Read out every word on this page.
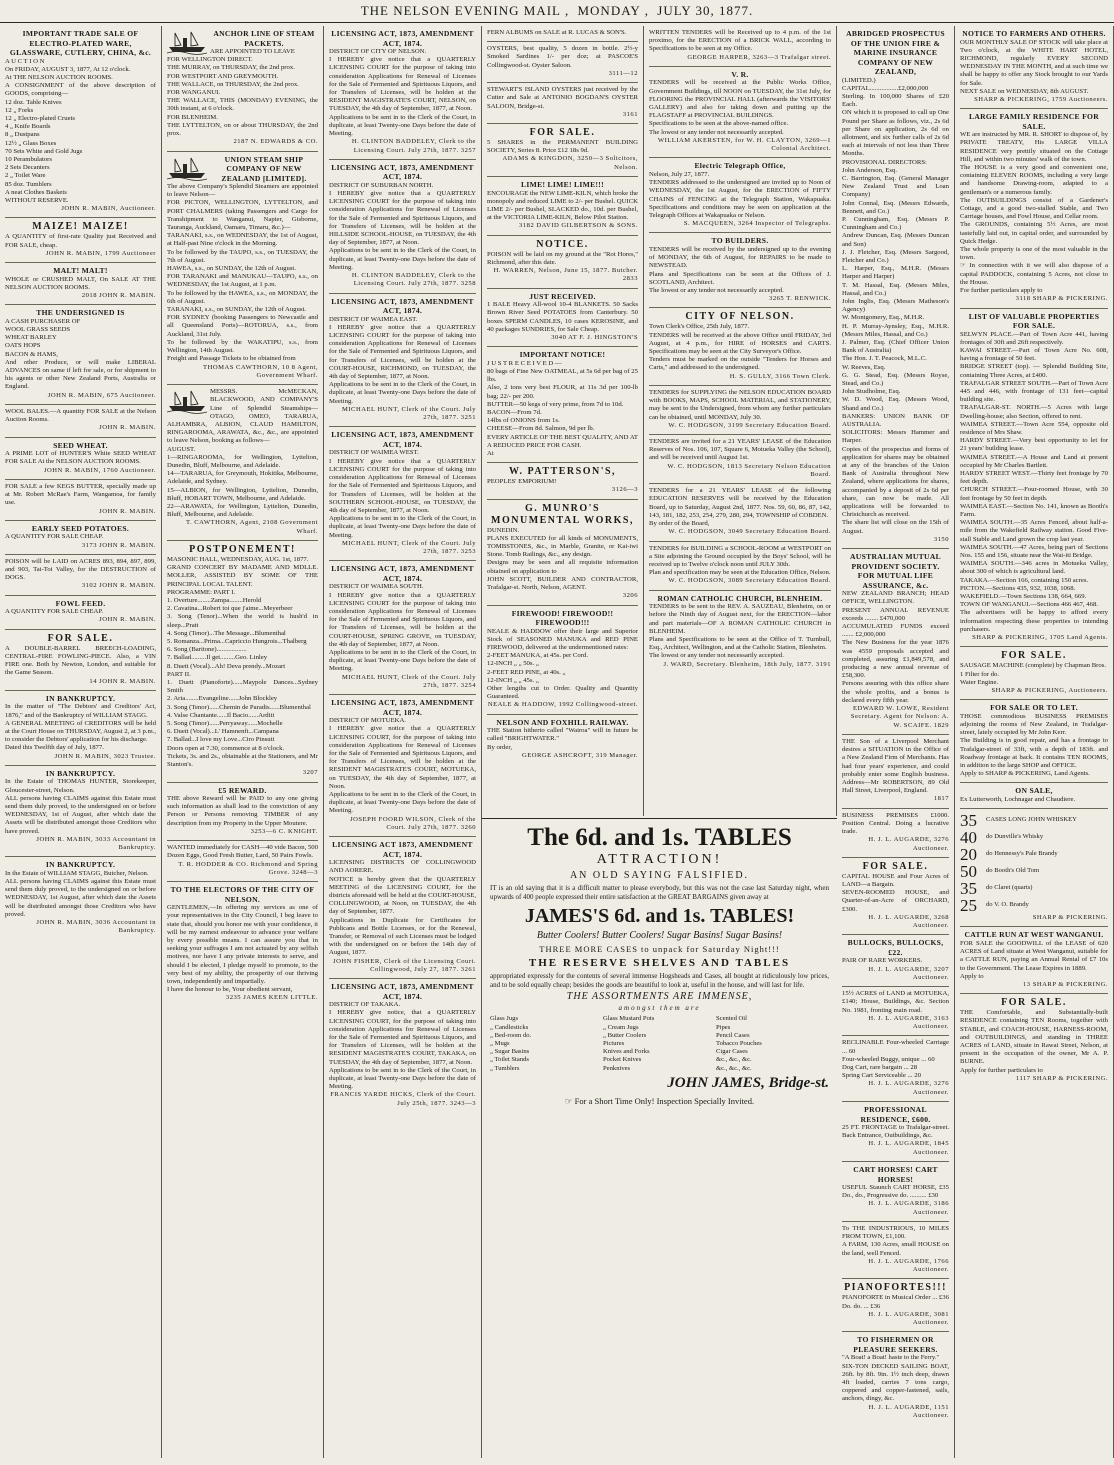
THE NELSON EVENING MAIL , MONDAY , JULY 30, 1877.
IMPORTANT TRADE SALE OF ELECTRO-PLATED WARE, GLASSWARE, CUTLERY, CHINA, &c.
A U C T I O N
On FRIDAY, AUGUST 3, 1877, At 12 o'clock.
At THE NELSON AUCTION ROOMS.
A CONSIGNMENT of the above description of GOODS, comprising—
12 doz. Table Knives
12 „ Forks
12 „ Electro-plated Cruets
4 „ Knife Boards
8 „ Dustpans
12½ „ Glass Boxes
70 Sets White and Gold Jugs
10 Perambulators
2 Sets Decanters
2 „ Toilet Ware
85 doz. Tumblers
A neat Clothes Baskets
WITHOUT RESERVE.
JOHN R. MABIN, Auctioneer.
MAIZE! MAIZE!
A QUANTITY of first-rate Quality just Received and FOR SALE, cheap.
JOHN R. MABIN, 1799 Auctioneer
MALT! MALT!
WHOLE or CRUSHED MALT, On SALE AT THE NELSON AUCTION ROOMS.
2018 JOHN R. MABIN.
THE UNDERSIGNED IS
A CASH PURCHASER OF
WOOL GRASS SEEDS
WHEAT BARLEY
OATS HOPS
BACON & HAMS,
And other Produce, or will make LIBERAL ADVANCES on same if left for sale, or for shipment to his agents or other New Zealand Ports, Australia or England.
JOHN R. MABIN, 675 Auctioneer.
WOOL BALES.—A quantity FOR SALE at the Nelson Auction Rooms.
JOHN R. MABIN.
SEED WHEAT.
A PRIME LOT of HUNTER'S White SEED WHEAT FOR SALE At the NELSON AUCTION ROOMS.
JOHN R. MABIN, 1760 Auctioneer.
FOR SALE a few KEGS BUTTER, specially made up at Mr. Robert McRae's Farm, Wangamoa, for family use.
JOHN R. MABIN.
EARLY SEED POTATOES.
A QUANTITY FOR SALE CHEAP.
3173 JOHN R. MABIN.
POISON will be LAID on ACRES 893, 894, 897, 899, and 903, Tai-Toi Valley, for the DESTRUCTION of DOGS.
3102 JOHN R. MABIN.
FOWL FEED.
A QUANTITY FOR SALE CHEAP.
JOHN R. MABIN.
FOR SALE.
A DOUBLE-BARREL BREECH-LOADING, CENTRAL-FIRE FOWLING-PIECE. Also, a VIN FIRE one. Both by Newton, London, and suitable for the Game Season.
14 JOHN R. MABIN.
IN BANKRUPTCY.
In the matter of "The Debtors' and Creditors' Act, 1876," and of the Bankruptcy of WILLIAM STAGG.
A GENERAL MEETING of CREDITORS will be held at the Court House on THURSDAY, August 2, at 3 p.m., to consider the Debtors' application for his discharge.
Dated this Twelfth day of July, 1877.
JOHN R. MABIN, 3023 Trustee.
IN BANKRUPTCY.
In the Estate of THOMAS HUNTER, Storekeeper, Gloucester-street, Nelson.
ALL persons having CLAIMS against this Estate must send them duly proved, to the undersigned on or before WEDNESDAY, 1st of August, after which date the Assets will be distributed amongst those Creditors who have proved.
JOHN R. MABIN, 3033 Accountant in Bankruptcy.
IN BANKRUPTCY.
In the Estate of WILLIAM STAGG, Butcher, Nelson.
ALL persons having CLAIMS against this Estate must send them duly proved, to the undersigned on or before WEDNESDAY, 1st August, after which date the Assets will be distributed amongst those Creditors who have proved.
JOHN R. MABIN, 3036 Accountant in Bankruptcy.
ANCHOR LINE OF STEAM PACKETS.
ARE APPOINTED TO LEAVE
FOR WELLINGTON DIRECT.
THE MURRAY, on THURSDAY, the 2nd prox.
FOR WESTPORT AND GREYMOUTH.
THE WALLACE, on THURSDAY, the 2nd prox.
FOR WANGANUI.
THE WALLACE, THIS (MONDAY) EVENING, the 30th instant, at 6 o'clock.
FOR BLENHEIM.
THE LYTTELTON, on or about THURSDAY, the 2nd prox.
2187 N. EDWARDS & CO.
UNION STEAM SHIP COMPANY OF NEW ZEALAND [LIMITED].
The above Company's Splendid Steamers are appointed to leave Nelson—
FOR PICTON, WELLINGTON, LYTTELTON, and PORT CHALMERS (taking Passengers and Cargo for Transhipment to Wanganui, Napier, Gisborne, Tauranga, Auckland, Oamaru, Timaru, &c.)—
TARANAKI, s.s., on WEDNESDAY, the 1st of August, at Half-past Nine o'clock in the Morning.
To be followed by the TAUPO, s.s., on TUESDAY, the 7th of August.
HAWEA, s.s., on SUNDAY, the 12th of August.
FOR TARANAKI and MANUKAU—TAUPO, s.s., on WEDNESDAY, the 1st August, at 1 p.m.
To be followed by the HAWEA, s.s., on MONDAY, the 6th of August.
TARANAKI, s.s., on SUNDAY, the 12th of August.
FOR SYDNEY (booking Passengers to Newcastle and all Queensland Ports)—ROTORUA, s.s., from Auckland, 31st July.
To be followed by the WAKATIPU, s.s., from Wellington, 14th August.
Freight and Passage Tickets to be obtained from
THOMAS CAWTHORN, 10 8 Agent, Government Wharf.
MESSRS. McMECKAN, BLACKWOOD, AND COMPANY'S Line of Splendid Steamships—OTAGO, OMEO, TARARUA, ALHAMBRA, ALBION, CLAUD HAMILTON, RINGAROOMA, ARAWATA, &c., &c., are appointed to leave Nelson, booking as follows—
AUGUST.
1—RINGAROOMA, for Wellington, Lyttelton, Dunedin, Bluff, Melbourne, and Adelaide.
14—TARARUA, for Greymouth, Hokitika, Melbourne, Adelaide, and Sydney.
15—ALBION, for Wellington, Lyttelton, Dunedin, Bluff, HOBART TOWN, Melbourne, and Adelaide.
22—ARAWATA, for Wellington, Lyttelton, Dunedin, Bluff, Melbourne, and Adelaide.
T. CAWTHORN, Agent, 2108 Government Wharf.
POSTPONEMENT!
MASONIC HALL, WEDNESDAY, AUG. 1st, 1877.
GRAND CONCERT BY MADAME AND MDLLE. MOLLER, ASSISTED BY SOME OF THE PRINCIPAL LOCAL TALENT.
PROGRAMME: PART I.
1. Overture........Zampa........Herold
2. Cavatina...Robert toi que j'aime...Meyerbeer
3. Song (Tenor)...When the world is hush'd in sleep...Pratt
4. Song (Tenor)...The Message...Blumenthal
5. Romanza...Prima...Capriccio Hungrois...Thalberg
6. Song (Baritone)..................
7. Ballad.........Il get.........Geo. Linley
8. Duett (Vocal)...Ah! Deva prendy...Mozart
PART II.
1. Duett (Pianoforte)......Maypole Dances...Sydney Smith
2. Aria........Evangeline......John Blockley
3. Song (Tenor)......Chemin de Paradis......Blumenthal
4. Valse Chantante......Il Bacio......Arditi
5. Song (Tenor)......Perryaway......Mochelle
6. Duett (Vocal)...L' Hamnenft...Campana
7. Ballad...I love my Love...Ciro Pinsuti
Doors open at 7.30, commence at 8 o'clock.
Tickets, 3s. and 2s., obtainable at the Stationers, and Mr Stanton's.
3207
£5 REWARD.
THE above Reward will be PAID to any one giving such information as shall lead to the conviction of any Person or Persons removing TIMBER of any description from my Property in the Upper Moutere.
3253—6 C. KNIGHT.
WANTED immediately for CASH—40 vide Bacon, 500 Dozen Eggs, Good Fresh Butter, Lard, 50 Pairs Fowls.
T. R. HODDER & CO. Richmond and Spring Grove. 3248—3
TO THE ELECTORS OF THE CITY OF NELSON.
GENTLEMEN,—In offering my services as one of your representatives in the City Council, I beg leave to state that, should you honor me with your confidence, it will be my earnest endeavour to advance your welfare by every possible means. I can assure you that in seeking your suffrages I am not actuated by any selfish motives, nor have I any private interests to serve, and should I be elected, I pledge myself to promote, to the very best of my ability, the prosperity of our thriving town, independently and impartially.
I have the honour to be, Your obedient servant,
3235 JAMES KEEN LITTLE.
LICENSING ACT, 1873, AMENDMENT ACT, 1874.
DISTRICT OF CITY OF NELSON.
I HEREBY give notice that a QUARTERLY LICENSING COURT for the purpose of taking into consideration Applications for Renewal of Licenses for the Sale of Fermented and Spirituous Liquors, and for Transfers of Licenses, will be holden at the RESIDENT MAGISTRATE'S COURT, NELSON, on TUESDAY, the 4th day of September, 1877, at Noon.
Applications to be sent in to the Clerk of the Court, in duplicate, at least Twenty-one Days before the date of Meeting.
H. CLINTON BADDELEY, Clerk to the Licensing Court. July 27th, 1877. 3257
LICENSING ACT, 1873, AMENDMENT ACT, 1874.
DISTRICT OF SUBURBAN NORTH.
I HEREBY give notice that a QUARTERLY LICENSING COURT for the purpose of taking into consideration Applications for Renewal of Licenses for the Sale of Fermented and Spirituous Liquors, and for Transfers of Licenses, will be holden at the HILLSIDE SCHOOL-HOUSE, on TUESDAY, the 4th day of September, 1877, at Noon.
Applications to be sent in to the Clerk of the Court, in duplicate, at least Twenty-one Days before the date of Meeting.
H. CLINTON BADDELEY, Clerk to the Licensing Court. July 27th, 1877. 3258
LICENSING ACT, 1873, AMENDMENT ACT, 1874.
DISTRICT OF WAIMEA EAST.
I HEREBY give notice that a QUARTERLY LICENSING COURT for the purpose of taking into consideration Applications for Renewal of Licenses for the Sale of Fermented and Spirituous Liquors, and for Transfers of Licenses, will be holden at the COURT-HOUSE, RICHMOND, on TUESDAY, the 4th day of September, 1877, at Noon.
Applications to be sent in to the Clerk of the Court, in duplicate, at least Twenty-one Days before the date of Meeting.
MICHAEL HUNT, Clerk of the Court. July 27th, 1877. 3251
LICENSING ACT, 1873, AMENDMENT ACT, 1874.
DISTRICT OF WAIMEA WEST.
I HEREBY give notice that a QUARTERLY LICENSING COURT for the purpose of taking into consideration Applications for Renewal of Licenses for the Sale of Fermented and Spirituous Liquors, and for Transfers of Licenses, will be holden at the SOUTHERN SCHOOL-HOUSE, on TUESDAY, the 4th day of September, 1877, at Noon.
Applications to be sent in to the Clerk of the Court, in duplicate, at least Twenty-one Days before the date of Meeting.
MICHAEL HUNT, Clerk of the Court. July 27th, 1877. 3253
LICENSING ACT, 1873, AMENDMENT ACT, 1874.
DISTRICT OF WAIMEA SOUTH.
I HEREBY give notice that a QUARTERLY LICENSING COURT for the purpose of taking into consideration Applications for Renewal of Licenses for the Sale of Fermented and Spirituous Liquors, and for Transfers of Licenses, will be holden at the COURT-HOUSE, SPRING GROVE, on TUESDAY, the 4th day of September, 1877, at Noon.
Applications to be sent in to the Clerk of the Court, in duplicate, at least Twenty-one Days before the date of Meeting.
MICHAEL HUNT, Clerk of the Court. July 27th, 1877. 3254
LICENSING ACT, 1873, AMENDMENT ACT, 1874.
DISTRICT OF MOTUEKA.
I HEREBY give notice that a QUARTERLY LICENSING COURT, for the purpose of taking into consideration Applications for Renewal of Licenses for the Sale of Fermented and Spirituous Liquors, and for Transfers of Licenses, will be holden at the RESIDENT MAGISTRATE'S COURT, MOTUEKA, on TUESDAY, the 4th day of September, 1877, at Noon.
Applications to be sent in to the Clerk of the Court, in duplicate, at least Twenty-one Days before the date of Meeting.
JOSEPH FOORD WILSON, Clerk of the Court. July 27th, 1877. 3260
LICENSING ACT 1873, AMENDMENT ACT, 1874.
LICENSING DISTRICTS OF COLLINGWOOD AND AORERE.
NOTICE is hereby given that the QUARTERLY MEETING of the LICENSING COURT, for the districts aforesaid will be held at the COURT-HOUSE, COLLINGWOOD, at Noon, on TUESDAY, the 4th day of September, 1877.
Applications in Duplicate for Certificates for Publicans and Bottle Licenses, or for the Renewal, Transfer, or Removal of such Licenses must be lodged with the undersigned on or before the 14th day of August, 1877.
JOHN FISHER, Clerk of the Licensing Court. Collingwood, July 27, 1877. 3261
LICENSING ACT, 1873, AMENDMENT ACT, 1874.
DISTRICT OF TAKAKA.
I HEREBY give notice, that a QUARTERLY LICENSING COURT, for the purpose of taking into consideration Applications for Renewal of Licenses for the Sale of Fermented and Spirituous Liquors, and for Transfers of Licenses, will be holden at the RESIDENT MAGISTRATE'S COURT, TAKAKA, on TUESDAY, the 4th day of September, 1877, at Noon.
Applications to be sent in to the Clerk of the Court, in duplicate, at least Twenty-one Days before the date of Meeting.
FRANCIS YARDE HICKS, Clerk of the Court. July 25th, 1877. 3243—3
FERN ALBUMS on SALE at R. LUCAS & SON'S.
OYSTERS, best quality, 5 dozen in bottle. 2½-y Smoked Sardines 1/- per doz; at PASCOE'S Collingwood-st. Oyster Saloon.
3111—12
STEWART'S ISLAND OYSTERS just received by the Cutter and Sale at ANTONIO BOGDAN'S OYSTER SALOON, Bridge-st.
3161
FOR SALE.
5 SHARES in the PERMANENT BUILDING SOCIETY, Series 8. Price £12 18s 9d.
ADAMS & KINGDON, 3250—3 Solicitors, Nelson.
LIME! LIME! LIME!!!
ENCOURAGE the NEW LIME-KILN, which broke the monopoly and reduced LIME to 2/- per Bushel. QUICK LIME 2/- per Bushel, SLACKED do., 10d. per Bushel, at the VICTORIA LIME-KILN, Below Pilot Station.
3182 DAVID GILBERTSON & SONS.
NOTICE.
POISON will be laid on my ground at the "Rot Hores," Richmond, after this date.
H. WARREN, Nelson, June 15, 1877. Butcher. 2833
JUST RECEIVED.
1 BALE Heavy All-wool 10-4 BLANKETS. 50 Sacks Brown River Seed POTATOES from Canterbury. 50 boxes SPERM CANDLES, 10 cases KEROSINE, and 40 packages SUNDRIES, for Sale Cheap.
3040 AT F. J. HINGSTON'S
IMPORTANT NOTICE!
J U S T R E C E I V E D —
80 bags of Fine New OATMEAL, at 5s 6d per bag of 25 lbs.
Also, 2 tons very best FLOUR, at 11s 3d per 100-lb bag; 22/- per 200.
BUTTER—50 kegs of very prime, from 7d to 10d.
BACON—From 7d.
14lbs of ONIONS from 1s.
CHEESE—From 8d. Salmon, 9d per lb.
EVERY ARTICLE OF THE BEST QUALITY, AND AT A REDUCED PRICE FOR CASH.
At
W. PATTERSON'S,
PEOPLES' EMPORIUM!
3126—3
G. MUNRO'S MONUMENTAL WORKS,
DUNEDIN.
PLANS EXECUTED for all kinds of MONUMENTS, TOMBSTONES, &c., in Marble, Granite, or Kai-iwi Stone. Tomb Railings, &c., any design.
Designs may be seen and all requisite information obtained on application to
JOHN SCOTT, BUILDER AND CONTRACTOR, Trafalgar-st. North, Nelson, AGENT.
3206
FIREWOOD! FIREWOOD!! FIREWOOD!!!
NEALE & HADDOW offer their large and Superior Stock of SEASONED MANUKA and RED PINE FIREWOOD, delivered at the undermentioned rates:
2-FEET MANUKA, at 45s. per Cord.
12-INCH „ „ 50s. „
2-FEET RED PINE, at 40s. „
12-INCH „ „ 45s. „
Other lengths cut to Order. Quality and Quantity Guaranteed.
NEALE & HADDOW, 1992 Collingwood-street.
NELSON AND FOXHILL RAILWAY.
THE Station hitherto called "Wairoa" will in future be called "BRIGHTWATER."
By order,
GEORGE ASHCROFT, 319 Manager.
WRITTEN TENDERS will be Received up to 4 p.m. of the 1st proximo, for the ERECTION of a BRICK WALL, according to Specifications to be seen at my Office.
GEORGE HARPER, 3263—3 Trafalgar street.
V. R.
TENDERS will be received at the Public Works Office, Government Buildings, till NOON on TUESDAY, the 31st July, for FLOORING the PROVINCIAL HALL (afterwards the VISITORS' GALLERY) and also for taking down and putting up the FLAGSTAFF at PROVINCIAL BUILDINGS.
Specifications to be seen at the above-named office.
The lowest or any tender not necessarily accepted.
WILLIAM AKERSTEN, for W. H. CLAYTON, 3269—1 Colonial Architect.
Electric Telegraph Office,
Nelson, July 27, 1877.
TENDERS addressed to the undersigned are invited up to Noon of WEDNESDAY, the 1st August, for the ERECTION of FIFTY CHAINS of FENCING at the Telegraph Station, Wakapuaka. Specifications and conditions may be seen on application at the Telegraph Offices at Wakapuaka or Nelson.
S. MACQUEEN, 3264 Inspector of Telegraphs.
TO BUILDERS.
TENDERS will be received by the undersigned up to the evening of MONDAY, the 6th of August, for REPAIRS to be made to NEWSTEAD.
Plans and Specifications can be seen at the Offices of J. SCOTLAND, Architect.
The lowest or any tender not necessarily accepted.
3265 T. RENWICK.
CITY OF NELSON.
Town Clerk's Office, 25th July, 1877.
TENDERS will be received at the above Office until FRIDAY, 3rd August, at 4 p.m., for HIRE of HORSES and CARTS. Specifications may be seen at the City Surveyor's Office.
Tenders must be marked on the outside "Tenders for Horses and Carts," and addressed to the undersigned.
H. S. GULLY, 3166 Town Clerk.
TENDERS for SUPPLYING the NELSON EDUCATION BOARD with BOOKS, MAPS, SCHOOL MATERIAL, and STATIONERY, may be sent to the Undersigned, from whom any further particulars can be obtained, until MONDAY, July 30.
W. C. HODGSON, 3199 Secretary Education Board.
TENDERS are invited for a 21 YEARS' LEASE of the Education Reserves of Nos. 106, 107, Square 6, Motueka Valley (the School), and will be received until August 1st.
W. C. HODGSON, 1813 Secretary Nelson Education Board.
TENDERS for a 21 YEARS' LEASE of the following EDUCATION RESERVES will be received by the Education Board, up to Saturday, August 2nd, 1877. Nos. 59, 60, 86, 87, 142, 143, 181, 182, 253, 254, 279, 280, 294, TOWNSHIP of COBDEN.
By order of the Board,
W. C. HODGSON, 3049 Secretary Education Board.
TENDERS for BUILDING a SCHOOL-ROOM at WESTPORT on a Site adjoining the Ground occupied by the Boys' School, will be received up to Twelve o'clock noon until JULY 30th.
Plan and specification may be seen at the Education Office, Nelson.
W. C. HODGSON, 3089 Secretary Education Board.
ROMAN CATHOLIC CHURCH, BLENHEIM.
TENDERS to be sent to the REV. A. SAUZEAU, Blenheim, on or before the Ninth day of August next, for the ERECTION—labor and part materials—OF A ROMAN CATHOLIC CHURCH in BLENHEIM.
Plans and Specifications to be seen at the Office of T. Turnbull, Esq., Architect, Wellington, and at the Catholic Station, Blenheim.
The lowest or any tender not necessarily accepted.
J. WARD, Secretary. Blenheim, 18th July, 1877. 3191
ABRIDGED PROSPECTUS OF THE UNION FIRE & MARINE INSURANCE COMPANY OF NEW ZEALAND,
(LIMITED.)
CAPITAL.................£2,000,000 Sterling. In 100,000 Shares of £20 Each.
ON which it is proposed to call up One Pound per Share as follows, viz., 2s 6d per Share on application, 2s 6d on allotment, and six further calls of 2s 6d each at intervals of not less than Three Months.
PROVISIONAL DIRECTORS:
John Anderson, Esq.
C. Barrington, Esq. (General Manager New Zealand Trust and Loan Company)
John Connal, Esq. (Messrs Edwards, Bennett, and Co.)
P. Cunningham, Esq. (Messrs P. Cunningham and Co.)
Andrew Duncan, Esq. (Messrs Duncan and Son)
J. J. Fletcher, Esq. (Messrs Sargood, Fletcher and Co.)
L. Harper, Esq., M.H.R. (Messrs Harper and Harper)
T. M. Hassal, Esq. (Messrs Miles, Hassal, and Co.)
John Inglis, Esq. (Messrs Matheson's Agency)
W. Montgomery, Esq., M.H.R.
H. P. Murray-Aynsley, Esq., M.H.R. (Messrs Miles, Hassal, and Co.)
J. Palmer, Esq. (Chief Officer Union Bank of Australia)
The Hon. J. T. Peacock, M.L.C.
W. Reeves, Esq.
G. G. Stead, Esq. (Messrs Royse, Stead, and Co.)
John Studholme, Esq.
W. D. Wood, Esq. (Messrs Wood, Shand and Co.)
BANKERS: UNION BANK OF AUSTRALIA.
SOLICITORS: Messrs Hammer and Harper.
Copies of the prospectus and forms of application for shares may be obtained at any of the branches of the Union Bank of Australia throughout New Zealand, where applications for shares, accompanied by a deposit of 2s 6d per share, can now be made. All applications will be forwarded to Christchurch as received.
The share list will close on the 15th of August.
3150
AUSTRALIAN MUTUAL PROVIDENT SOCIETY. FOR MUTUAL LIFE ASSURANCE, &c.
NEW ZEALAND BRANCH; HEAD OFFICE, WELLINGTON.
PRESENT ANNUAL REVENUE exceeds ........ £470,000
ACCUMULATED FUNDS exceed ....... £2,000,000
The New Business for the year 1876 was 4559 proposals accepted and completed, assuring £1,849,578, and producing a new annual revenue of £58,300.
Persons assuring with this office share the whole profits, and a bonus is declared every fifth year.
EDWARD W. LOWE, Resident Secretary. Agent for Nelson: A. W. SCAIFE. 1829
THE Son of a Liverpool Merchant desires a SITUATION in the Office of a New Zealand Firm of Merchants. Has had four years' experience, and could probably enter some English business. Address—Mr ROBERTSON, 89 Old Hall Street, Liverpool, England.
1817
BUSINESS PREMISES £1000. Position Central. Doing a lucrative trade.
H. J. L. AUGARDE, 3276 Auctioneer.
FOR SALE.
CAPITAL HOUSE and Four Acres of LAND—a Bargain.
SEVEN-ROOMED HOUSE, and Quarter-of-an-Acre of ORCHARD, £300.
H. J. L. AUGARDE, 3268 Auctioneer.
BULLOCKS, BULLOCKS, £22.
PAIR OF RARE WORKERS.
H. J. L. AUGARDE, 3207 Auctioneer.
15½ ACRES of LAND at MOTUEKA, £140; House, Buildings, &c. Section No. 1981, fronting main road.
H. J. L. AUGARDE, 3163 Auctioneer.
RECLINABLE Four-wheeled Carriage ... 60
Four-wheeled Buggy, unique ... 60
Dog Cart, rare bargain ... 28
Spring Cart Serviceable ... 20
H. J. L. AUGARDE, 3276 Auctioneer.
PROFESSIONAL RESIDENCE, £600.
25 FT. FRONTAGE to Trafalgar-street. Back Entrance, Outbuildings, &c.
H. J. L. AUGARDE, 1845 Auctioneer.
CART HORSES! CART HORSES!
USEFUL Staunch CART HORSE, £35 Do., do., Progressive do. .......... £30
H. J. L. AUGARDE, 3186 Auctioneer.
To THE INDUSTRIOUS, 10 MILES FROM TOWN, £1,100.
A FARM, 130 Acres, small HOUSE on the land, well Fenced.
H. J. L. AUGARDE, 1766 Auctioneer.
PIANOFORTES!!!
PIANOFORTE in Musical Order ... £36
Do. do. ... £36
H. J. L. AUGARDE, 3081 Auctioneer.
TO FISHERMEN OR PLEASURE SEEKERS.
"A Boat! a Boat! haste to the Ferry."
SIX-TON DECKED SAILING BOAT, 26ft. by 8ft. 9in. 1½ inch deep, drawn 4ft loaded, carries 7 tons cargo, coppered and copper-fastened, sails, anchors, dingy, &c.
H. J. L. AUGARDE, 1151 Auctioneer.
NOTICE TO FARMERS AND OTHERS.
OUR MONTHLY SALE OF STOCK will take place at Two o'clock, at the WHITE HART HOTEL, RICHMOND, regularly EVERY SECOND WEDNESDAY IN THE MONTH, and at such time we shall be happy to offer any Stock brought to our Yards for Sale.
NEXT SALE on WEDNESDAY, 8th AUGUST.
SHARP & PICKERING, 1759 Auctioneers.
LARGE FAMILY RESIDENCE FOR SALE.
WE are instructed by MR. R. SHORT to dispose of, by PRIVATE TREATY, His LARGE VILLA RESIDENCE very prettily situated on the Cottage Hill, and within two minutes' walk of the town.
The HOUSE is a very good and convenient one, containing ELEVEN ROOMS, including a very large and handsome Drawing-room, adapted to a gentleman's or a numerous family.
The OUTBUILDINGS consist of a Gardener's Cottage, and a good two-stalled Stable, and Two Carriage houses, and Fowl House, and Cellar room.
The GROUNDS, containing 5½ Acres, are most tastefully laid out, in capital order, and surrounded by Quick Hedge.
The whole property is one of the most valuable in the town.
☞ In connection with it we will also dispose of a capital PADDOCK, containing 5 Acres, not close to the House.
For further particulars apply to
3118 SHARP & PICKERING.
LIST OF VALUABLE PROPERTIES FOR SALE.
SELWYN PLACE.—Part of Town Acre 441, having frontages of 30ft and 26ft respectively.
KAWAI STREET.—Part of Town Acre No. 608, having a frontage of 50 feet.
BRIDGE STREET (top). — Splendid Building Site, containing Three Acres, at £400.
TRAFALGAR STREET SOUTH.—Part of Town Acre 445 and 446, with frontage of 131 feet—capital building site.
TRAFALGAR-ST. NORTH.—5 Acres with large Dwelling-house; also Section, offered to rent.
WAIMEA STREET.—Town Acre 554, opposite old residence of Mrs Shaw.
HARDY STREET.—Very best opportunity to let for 21 years' building lease.
WAIMEA STREET.—A House and Land at present occupied by Mr Charles Bartlett.
HARDY STREET WEST.—Thirty feet frontage by 70 feet depth.
CHURCH STREET.—Four-roomed House, with 30 feet frontage by 50 feet in depth.
WAIMEA EAST.—Section No. 141, known as Booth's Farm.
WAIMEA SOUTH.—35 Acres Fenced, about half-a-mile from the Wakefield Railway station. Good Five-stall Stable and Land grown the crop last year.
WAIMEA SOUTH.—47 Acres, being part of Sections Nos. 155 and 156, situate near the Wai-iti Bridge.
WAIMEA SOUTH.—346 acres in Motueka Valley, about 300 of which is agricultural land.
TAKAKA.—Section 166, containing 150 acres.
PICTON.—Sections 435, 932, 1038, 1068.
WAKEFIELD.—Town Sections 138, 664, 669.
TOWN OF WANGANUI.—Sections 466 467, 468.
The advertisers will be happy to afford every information respecting these properties to intending purchasers.
SHARP & PICKERING, 1705 Land Agents.
FOR SALE.
SAUSAGE MACHINE (complete) by Chapman Bros.
1 Filter for do.
Water Engine.
SHARP & PICKERING, Auctioneers.
FOR SALE OR TO LET.
THOSE commodious BUSINESS PREMISES adjoining the rooms of New Zealand, in Trafalgar-street, lately occupied by Mr John Kerr.
The Building is in good repair, and has a frontage to Trafalgar-street of 33ft, with a depth of 183ft. and Roadway frontage at back. It contains TEN ROOMS, in addition to the large SHOP and OFFICE.
Apply to SHARP & PICKERING, Land Agents.
ON SALE,
Ex Lutterworth, Lochnagar and Chaudiere.
35	CASES LONG JOHN WHISKEY
40	do Dunville's Whisky
20	do Hennessy's Pale Brandy
50	do Booth's Old Tom
35	do Claret (quarts)
25	do V. O. Brandy
SHARP & PICKERING.
CATTLE RUN AT WEST WANGANUI.
FOR SALE the GOODWILL of the LEASE of 620 ACRES of Land situate at West Wanganui, suitable for a CATTLE RUN, paying an Annual Rental of £7 10s to the Government. The Lease Expires in 1889.
Apply to
13 SHARP & PICKERING.
FOR SALE.
THE Comfortable, and Substantially-built RESIDENCE containing TEN Rooms, together with STABLE, and COACH-HOUSE, HARNESS-ROOM, and OUTBUILDINGS, and standing in THREE ACRES of LAND, situate in Rawai Street, Nelson, at present in the occupation of the owner, Mr A. P. BURNE.
Apply for further particulars to
1117 SHARP & PICKERING.
The 6d. and 1s. TABLES
ATTRACTION!
AN OLD SAYING FALSIFIED.
IT is an old saying that it is a difficult matter to please everybody, but this was not the case last Saturday night, when upwards of 400 people expressed their entire satisfaction at the GREAT BARGAINS given away at
JAMES'S 6d. and 1s. TABLES!
Butter Coolers! Butter Coolers! Sugar Basins! Sugar Basins!
THREE MORE CASES to unpack for Saturday Night!!!
THE RESERVE SHELVES AND TABLES
appropriated expressly for the contents of several immense Hogsheads and Cases, all bought at ridiculously low prices, and to be sold equally cheap; besides the goods are beautiful to look at, useful in the house, and will last for life.
THE ASSORTMENTS ARE IMMENSE,
amongst them are
Glass Jugs	Glass Mustard Pots	Scented Oil
„ Candlesticks	„ Cream Jugs	Pipes
„ Bed-room do.	„ Butter Coolers	Pencil Cases
„ Mugs	Pictures	Tobacco Pouches
„ Sugar Basins	Knives and Forks	Cigar Cases
„ Toilet Stands	Pocket Knives	&c., &c., &c.
„ Tumblers	Penknives	&c., &c., &c.
JOHN JAMES, Bridge-st.
☞ For a Short Time Only! Inspection Specially Invited.
